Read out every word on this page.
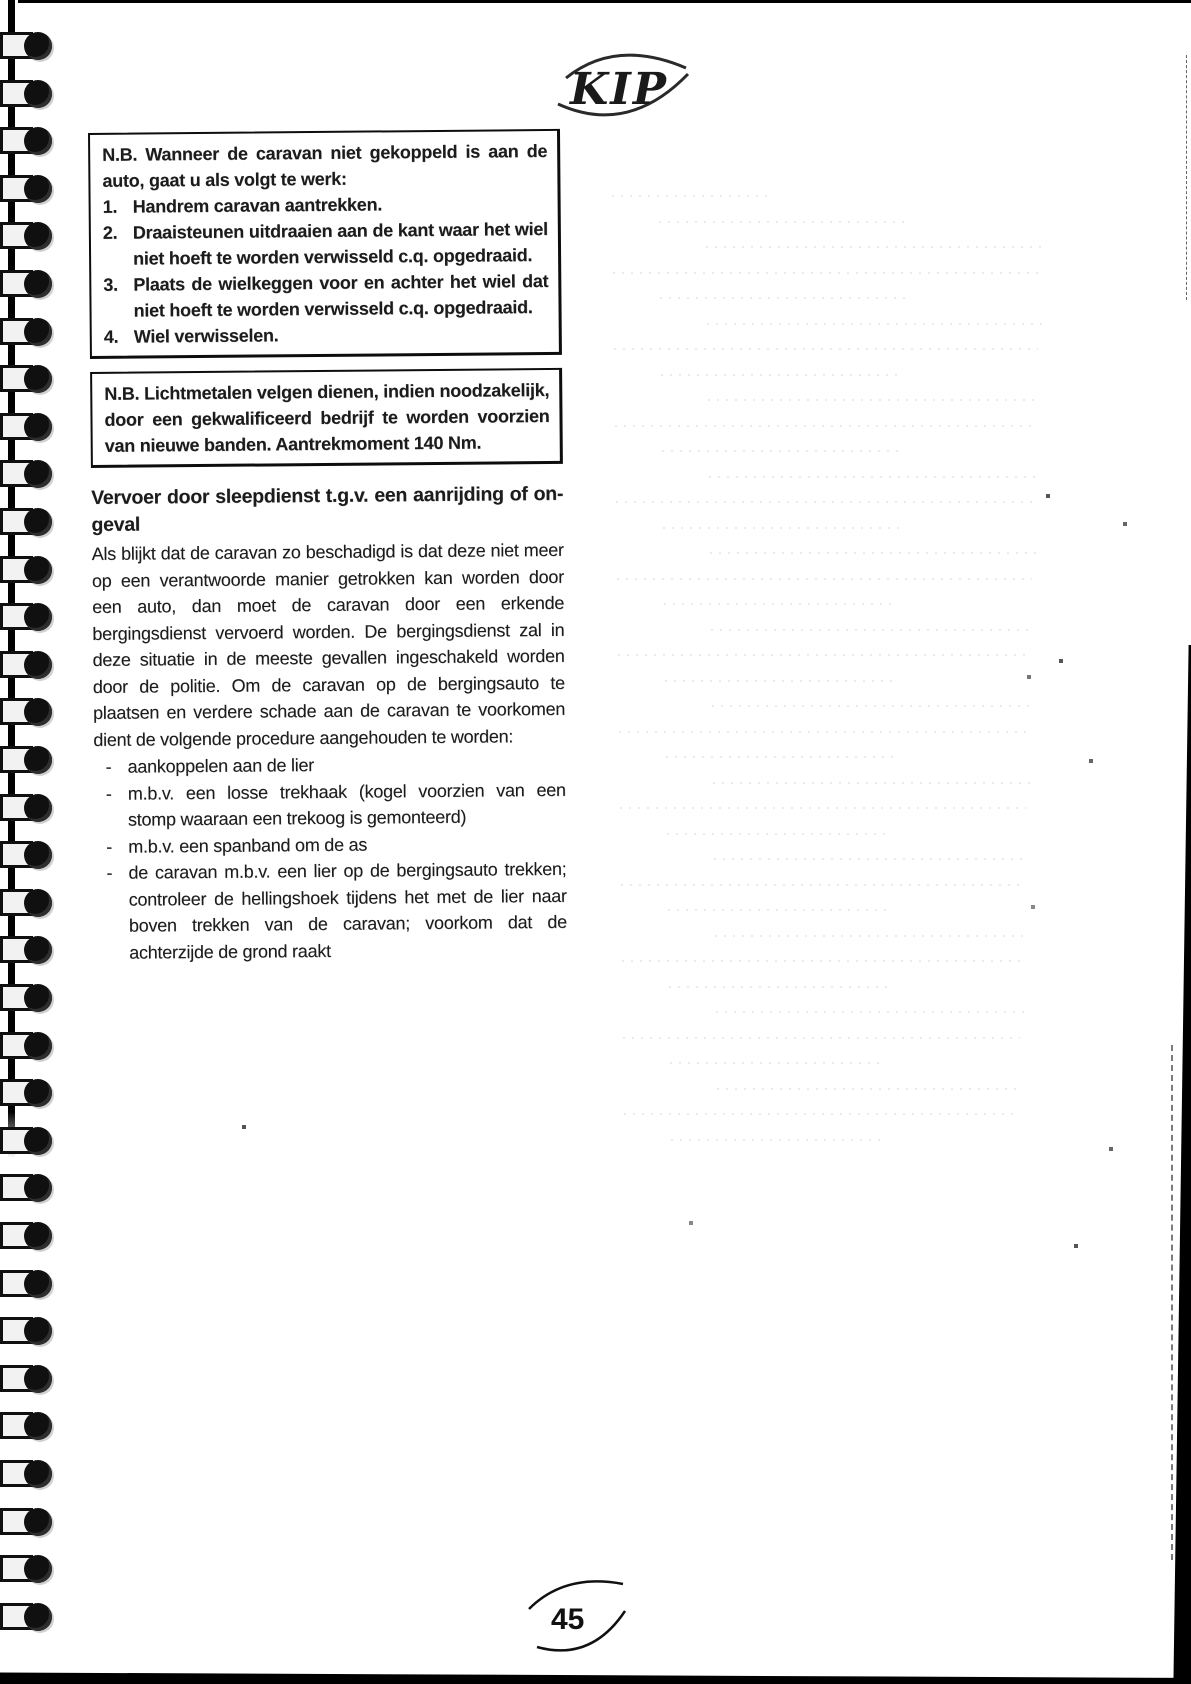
KIP

N.B. Wanneer de caravan niet gekoppeld is aan de auto, gaat u als volgt te werk:

1. Handrem caravan aantrekken.
2. Draaisteunen uitdraaien aan de kant waar het wiel niet hoeft te worden verwisseld c.q. opgedraaid.
3. Plaats de wielkeggen voor en achter het wiel dat niet hoeft te worden verwisseld c.q. opgedraaid.
4. Wiel verwisselen.

N.B. Lichtmetalen velgen dienen, indien noodzakelijk, door een gekwalificeerd bedrijf te worden voorzien van nieuwe banden. Aantrekmoment 140 Nm.

Vervoer door sleepdienst t.g.v. een aanrijding of on-
geval

Als blijkt dat de caravan zo beschadigd is dat deze niet meer op een verantwoorde manier getrokken kan worden door een auto, dan moet de caravan door een erkende bergingsdienst vervoerd worden. De bergingsdienst zal in deze situatie in de meeste gevallen ingeschakeld worden door de politie. Om de caravan op de bergingsauto te plaatsen en verdere schade aan de caravan te voorkomen dient de volgende procedure aangehouden te worden:

- aankoppelen aan de lier
- m.b.v. een losse trekhaak (kogel voorzien van een stomp waaraan een trekoog is gemonteerd)
- m.b.v. een spanband om de as
- de caravan m.b.v. een lier op de bergingsauto trekken; controleer de hellingshoek tijdens het met de lier naar boven trekken van de caravan; voorkom dat de achterzijde de grond raakt
45
